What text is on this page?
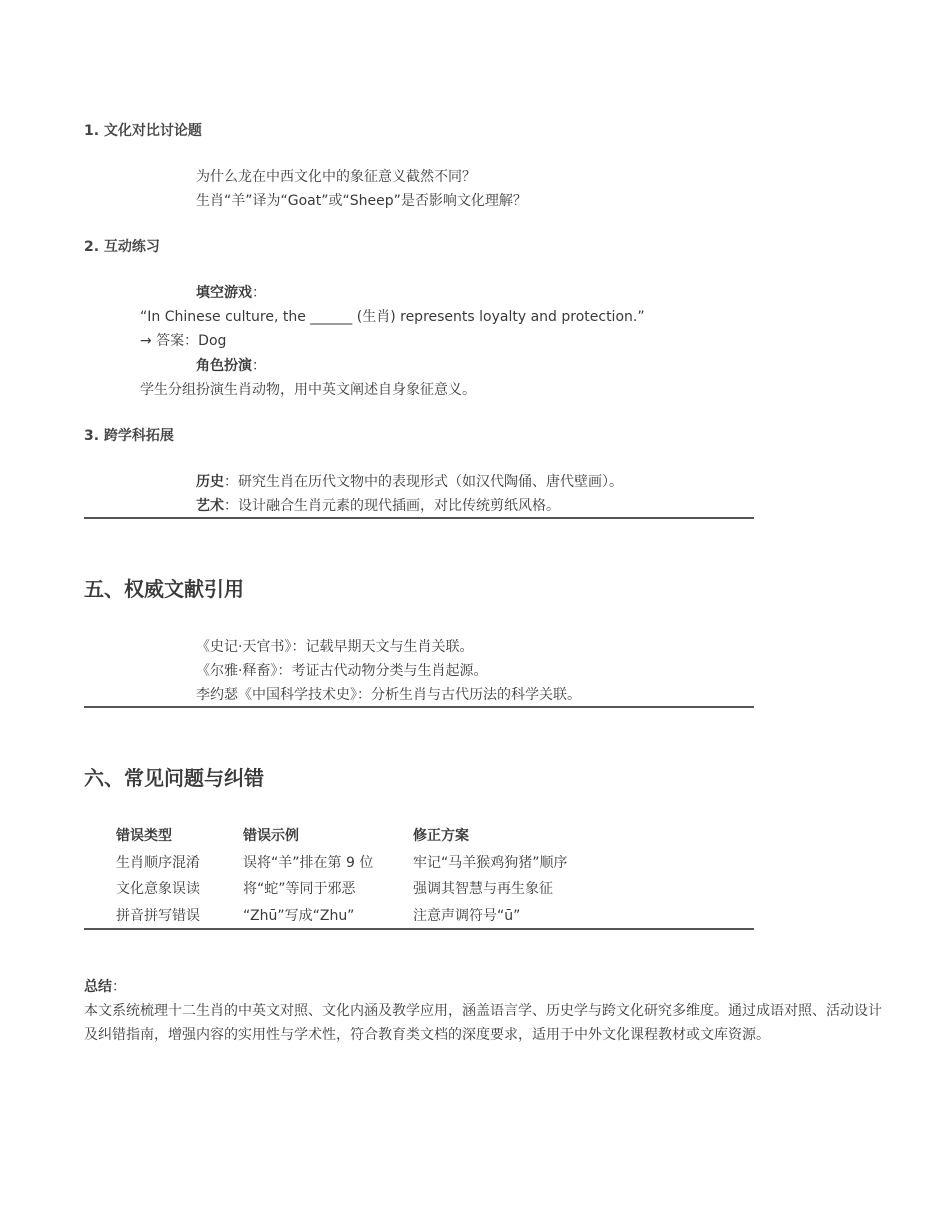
1. 文化对比讨论题
为什么龙在中西文化中的象征意义截然不同？
生肖“羊”译为“Goat”或“Sheep”是否影响文化理解？
2. 互动练习
填空游戏：
“In Chinese culture, the ______ (生肖) represents loyalty and protection.”
→ 答案：Dog
角色扮演：
学生分组扮演生肖动物，用中英文阐述自身象征意义。
3. 跨学科拓展
历史：研究生肖在历代文物中的表现形式（如汉代陶俑、唐代壁画）。
艺术：设计融合生肖元素的现代插画，对比传统剪纸风格。
五、权威文献引用
《史记·天官书》：记载早期天文与生肖关联。
《尔雅·释畜》：考证古代动物分类与生肖起源。
李约瑟《中国科学技术史》：分析生肖与古代历法的科学关联。
六、常见问题与纠错
错误类型	错误示例	修正方案
生肖顺序混淆	误将“羊”排在第 9 位	牢记“马羊猴鸡狗猪”顺序
文化意象误读	将“蛇”等同于邪恶	强调其智慧与再生象征
拼音拼写错误	“Zhū”写成“Zhu”	注意声调符号“ū”
总结：
本文系统梳理十二生肖的中英文对照、文化内涵及教学应用，涵盖语言学、历史学与跨文化研究多维度。通过成语对照、活动设计及纠错指南，增强内容的实用性与学术性，符合教育类文档的深度要求，适用于中外文化课程教材或文库资源。
